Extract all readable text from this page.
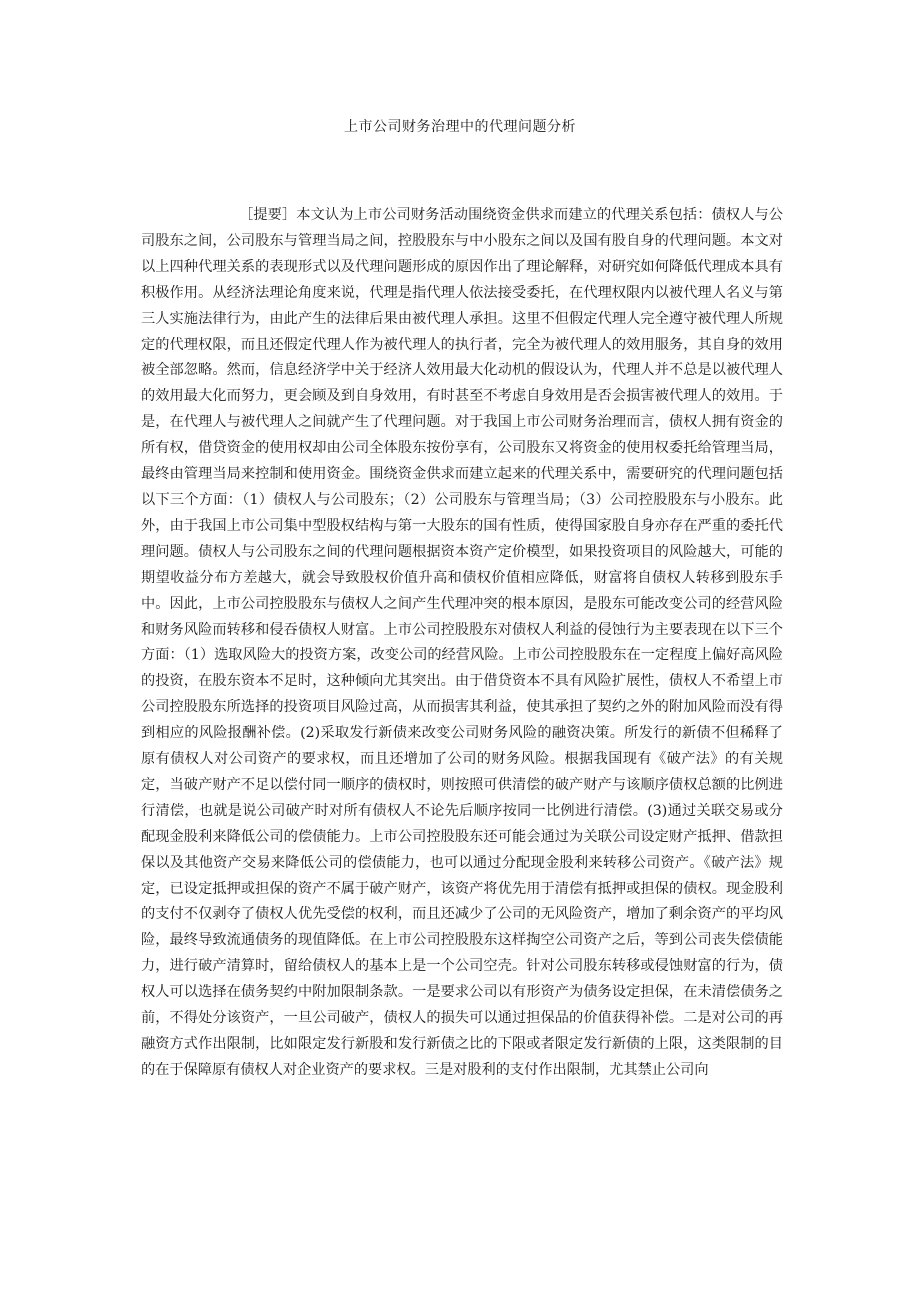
上市公司财务治理中的代理问题分析

［提要］本文认为上市公司财务活动围绕资金供求而建立的代理关系包括：债权人与公司股东之间，公司股东与管理当局之间，控股股东与中小股东之间以及国有股自身的代理问题。本文对以上四种代理关系的表现形式以及代理问题形成的原因作出了理论解释，对研究如何降低代理成本具有积极作用。从经济法理论角度来说，代理是指代理人依法接受委托，在代理权限内以被代理人名义与第三人实施法律行为，由此产生的法律后果由被代理人承担。这里不但假定代理人完全遵守被代理人所规定的代理权限，而且还假定代理人作为被代理人的执行者，完全为被代理人的效用服务，其自身的效用被全部忽略。然而，信息经济学中关于经济人效用最大化动机的假设认为，代理人并不总是以被代理人的效用最大化而努力，更会顾及到自身效用，有时甚至不考虑自身效用是否会损害被代理人的效用。于是，在代理人与被代理人之间就产生了代理问题。对于我国上市公司财务治理而言，债权人拥有资金的所有权，借贷资金的使用权却由公司全体股东按份享有，公司股东又将资金的使用权委托给管理当局，最终由管理当局来控制和使用资金。围绕资金供求而建立起来的代理关系中，需要研究的代理问题包括以下三个方面：（1）债权人与公司股东；（2）公司股东与管理当局；（3）公司控股股东与小股东。此外，由于我国上市公司集中型股权结构与第一大股东的国有性质，使得国家股自身亦存在严重的委托代理问题。债权人与公司股东之间的代理问题根据资本资产定价模型，如果投资项目的风险越大，可能的期望收益分布方差越大，就会导致股权价值升高和债权价值相应降低，财富将自债权人转移到股东手中。因此，上市公司控股股东与债权人之间产生代理冲突的根本原因，是股东可能改变公司的经营风险和财务风险而转移和侵吞债权人财富。上市公司控股股东对债权人利益的侵蚀行为主要表现在以下三个方面：（1）选取风险大的投资方案，改变公司的经营风险。上市公司控股股东在一定程度上偏好高风险的投资，在股东资本不足时，这种倾向尤其突出。由于借贷资本不具有风险扩展性，债权人不希望上市公司控股股东所选择的投资项目风险过高，从而损害其利益，使其承担了契约之外的附加风险而没有得到相应的风险报酬补偿。(2)采取发行新债来改变公司财务风险的融资决策。所发行的新债不但稀释了原有债权人对公司资产的要求权，而且还增加了公司的财务风险。根据我国现有《破产法》的有关规定，当破产财产不足以偿付同一顺序的债权时，则按照可供清偿的破产财产与该顺序债权总额的比例进行清偿，也就是说公司破产时对所有债权人不论先后顺序按同一比例进行清偿。(3)通过关联交易或分配现金股利来降低公司的偿债能力。上市公司控股股东还可能会通过为关联公司设定财产抵押、借款担保以及其他资产交易来降低公司的偿债能力，也可以通过分配现金股利来转移公司资产。《破产法》规定，已设定抵押或担保的资产不属于破产财产，该资产将优先用于清偿有抵押或担保的债权。现金股利的支付不仅剥夺了债权人优先受偿的权利，而且还减少了公司的无风险资产，增加了剩余资产的平均风险，最终导致流通债务的现值降低。在上市公司控股股东这样掏空公司资产之后，等到公司丧失偿债能力，进行破产清算时，留给债权人的基本上是一个公司空壳。针对公司股东转移或侵蚀财富的行为，债权人可以选择在债务契约中附加限制条款。一是要求公司以有形资产为债务设定担保，在未清偿债务之前，不得处分该资产，一旦公司破产，债权人的损失可以通过担保品的价值获得补偿。二是对公司的再融资方式作出限制，比如限定发行新股和发行新债之比的下限或者限定发行新债的上限，这类限制的目的在于保障原有债权人对企业资产的要求权。三是对股利的支付作出限制，尤其禁止公司向
